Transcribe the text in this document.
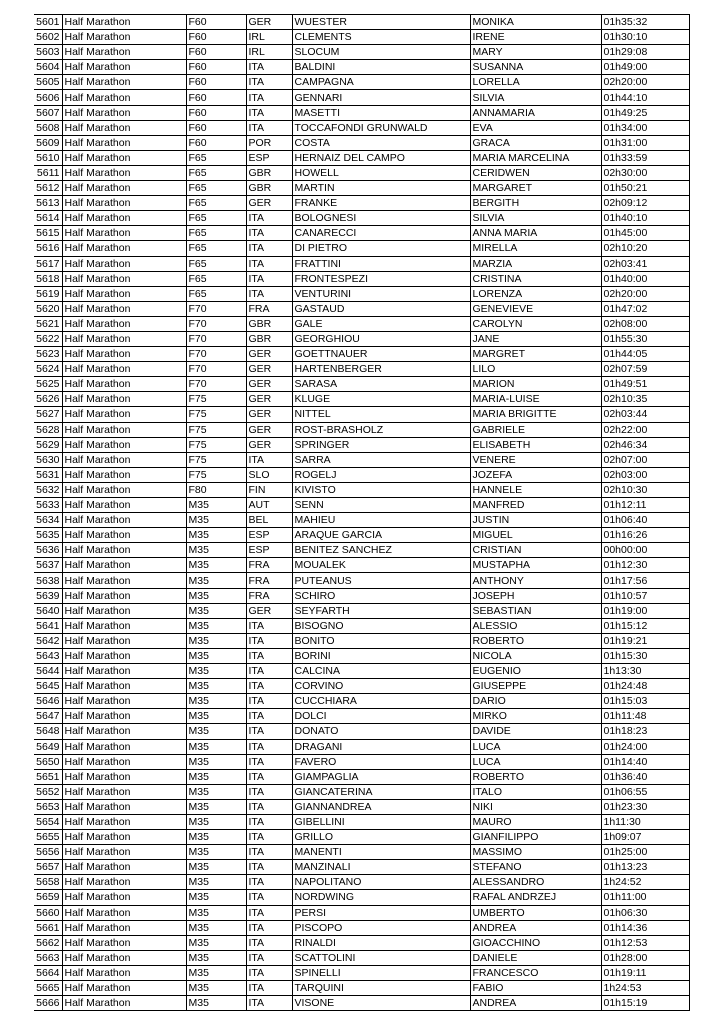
5601	Half Marathon	F60	GER	WUESTER	MONIKA	01h35:32
5602	Half Marathon	F60	IRL	CLEMENTS	IRENE	01h30:10
5603	Half Marathon	F60	IRL	SLOCUM	MARY	01h29:08
5604	Half Marathon	F60	ITA	BALDINI	SUSANNA	01h49:00
5605	Half Marathon	F60	ITA	CAMPAGNA	LORELLA	02h20:00
5606	Half Marathon	F60	ITA	GENNARI	SILVIA	01h44:10
5607	Half Marathon	F60	ITA	MASETTI	ANNAMARIA	01h49:25
5608	Half Marathon	F60	ITA	TOCCAFONDI GRUNWALD	EVA	01h34:00
5609	Half Marathon	F60	POR	COSTA	GRACA	01h31:00
5610	Half Marathon	F65	ESP	HERNAIZ DEL CAMPO	MARIA MARCELINA	01h33:59
5611	Half Marathon	F65	GBR	HOWELL	CERIDWEN	02h30:00
5612	Half Marathon	F65	GBR	MARTIN	MARGARET	01h50:21
5613	Half Marathon	F65	GER	FRANKE	BERGITH	02h09:12
5614	Half Marathon	F65	ITA	BOLOGNESI	SILVIA	01h40:10
5615	Half Marathon	F65	ITA	CANARECCI	ANNA MARIA	01h45:00
5616	Half Marathon	F65	ITA	DI PIETRO	MIRELLA	02h10:20
5617	Half Marathon	F65	ITA	FRATTINI	MARZIA	02h03:41
5618	Half Marathon	F65	ITA	FRONTESPEZI	CRISTINA	01h40:00
5619	Half Marathon	F65	ITA	VENTURINI	LORENZA	02h20:00
5620	Half Marathon	F70	FRA	GASTAUD	GENEVIEVE	01h47:02
5621	Half Marathon	F70	GBR	GALE	CAROLYN	02h08:00
5622	Half Marathon	F70	GBR	GEORGHIOU	JANE	01h55:30
5623	Half Marathon	F70	GER	GOETTNAUER	MARGRET	01h44:05
5624	Half Marathon	F70	GER	HARTENBERGER	LILO	02h07:59
5625	Half Marathon	F70	GER	SARASA	MARION	01h49:51
5626	Half Marathon	F75	GER	KLUGE	MARIA-LUISE	02h10:35
5627	Half Marathon	F75	GER	NITTEL	MARIA BRIGITTE	02h03:44
5628	Half Marathon	F75	GER	ROST-BRASHOLZ	GABRIELE	02h22:00
5629	Half Marathon	F75	GER	SPRINGER	ELISABETH	02h46:34
5630	Half Marathon	F75	ITA	SARRA	VENERE	02h07:00
5631	Half Marathon	F75	SLO	ROGELJ	JOZEFA	02h03:00
5632	Half Marathon	F80	FIN	KIVISTO	HANNELE	02h10:30
5633	Half Marathon	M35	AUT	SENN	MANFRED	01h12:11
5634	Half Marathon	M35	BEL	MAHIEU	JUSTIN	01h06:40
5635	Half Marathon	M35	ESP	ARAQUE GARCIA	MIGUEL	01h16:26
5636	Half Marathon	M35	ESP	BENITEZ SANCHEZ	CRISTIAN	00h00:00
5637	Half Marathon	M35	FRA	MOUALEK	MUSTAPHA	01h12:30
5638	Half Marathon	M35	FRA	PUTEANUS	ANTHONY	01h17:56
5639	Half Marathon	M35	FRA	SCHIRO	JOSEPH	01h10:57
5640	Half Marathon	M35	GER	SEYFARTH	SEBASTIAN	01h19:00
5641	Half Marathon	M35	ITA	BISOGNO	ALESSIO	01h15:12
5642	Half Marathon	M35	ITA	BONITO	ROBERTO	01h19:21
5643	Half Marathon	M35	ITA	BORINI	NICOLA	01h15:30
5644	Half Marathon	M35	ITA	CALCINA	EUGENIO	1h13:30
5645	Half Marathon	M35	ITA	CORVINO	GIUSEPPE	01h24:48
5646	Half Marathon	M35	ITA	CUCCHIARA	DARIO	01h15:03
5647	Half Marathon	M35	ITA	DOLCI	MIRKO	01h11:48
5648	Half Marathon	M35	ITA	DONATO	DAVIDE	01h18:23
5649	Half Marathon	M35	ITA	DRAGANI	LUCA	01h24:00
5650	Half Marathon	M35	ITA	FAVERO	LUCA	01h14:40
5651	Half Marathon	M35	ITA	GIAMPAGLIA	ROBERTO	01h36:40
5652	Half Marathon	M35	ITA	GIANCATERINA	ITALO	01h06:55
5653	Half Marathon	M35	ITA	GIANNANDREA	NIKI	01h23:30
5654	Half Marathon	M35	ITA	GIBELLINI	MAURO	1h11:30
5655	Half Marathon	M35	ITA	GRILLO	GIANFILIPPO	1h09:07
5656	Half Marathon	M35	ITA	MANENTI	MASSIMO	01h25:00
5657	Half Marathon	M35	ITA	MANZINALI	STEFANO	01h13:23
5658	Half Marathon	M35	ITA	NAPOLITANO	ALESSANDRO	1h24:52
5659	Half Marathon	M35	ITA	NORDWING	RAFAL ANDRZEJ	01h11:00
5660	Half Marathon	M35	ITA	PERSI	UMBERTO	01h06:30
5661	Half Marathon	M35	ITA	PISCOPO	ANDREA	01h14:36
5662	Half Marathon	M35	ITA	RINALDI	GIOACCHINO	01h12:53
5663	Half Marathon	M35	ITA	SCATTOLINI	DANIELE	01h28:00
5664	Half Marathon	M35	ITA	SPINELLI	FRANCESCO	01h19:11
5665	Half Marathon	M35	ITA	TARQUINI	FABIO	1h24:53
5666	Half Marathon	M35	ITA	VISONE	ANDREA	01h15:19
